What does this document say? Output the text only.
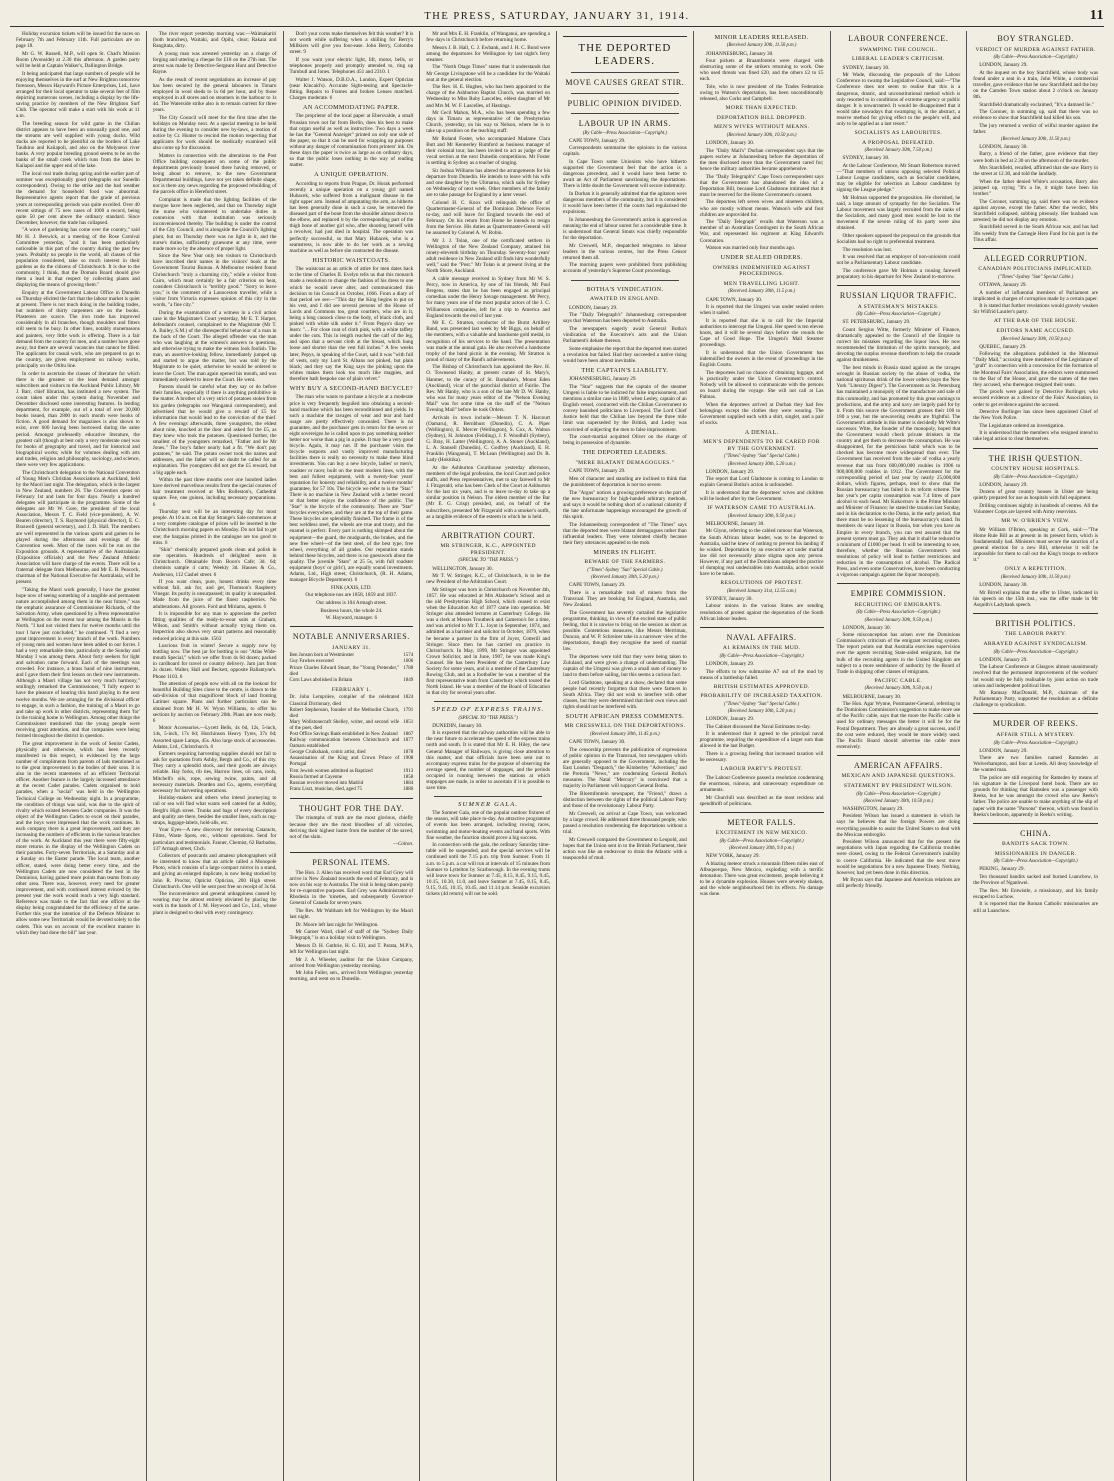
THE PRESS, SATURDAY, JANUARY 31, 1914.	11

Holiday excursion tickets will be issued for the races on February 7th and February 11th. Full particulars are on page 18.

Mr G. W. Russell, M.P., will open St. Chad's Mission Room (Avonside) at 2.30 this afternoon. A garden party will be held at Captain Walker's, Dallington Bridge.

It being anticipated that large numbers of people will be enjoying themselves in the surf at New Brighton tomorrow forenoon, Messrs Hayward's Picture Enterprises, Ltd., have arranged for their local operator to take several feet of film depicting numerous scenes, including a display by the life-saving practice by members of the New Brighton Surf Club. The operator will make a start with his work at 11 a.m.

The breeding season for wild game in the Chilian district appears to have been an unusually good one, and the streams are well supplied with young ducks. Wild ducks are reported to be plentiful on the borders of Lake Tauikino and Kaiiapoli, and also on the Molyneux river banks. A very popular breeding ground seems to be on the banks of the small creek which runs from the lakes to Kaiiapoi and the upper end of the lake.

The local real trade during spring and the earlier part of summer was exceptionally good (telegraphs our Sunedin correspondent). Owing to the strike and the bad weather the demand for household food was abnormal. Representative agents report that the grade of previous years at corresponding periods was quite excelled. Over 40 recent sittings of 75 new cases of 1000 a record, being quite 50 per cent above the ordinary standard. Since December, however, the trade has collapsed.

"A wave of gardening has come over the country," said Mr H. J. Beswick, at a meeting of the Rose Carnival Committee yesterday, "and it has been particularly noticeable in this part of the country during the past few years. Probably no people in the world, all classes of the population considered, take so much interest in their gardens as do the citizens of Christchurch. It is due to the community, I think, that the Domain Board should give them a lead in that respect by collecting plants and displaying the means of growing them."

Enquiry at the Government Labour Office in Dunedin on Thursday elicited the fact that the labour market is quiet at present. There is not much doing in the building trades, but numbers of thirty carpenters are on the books. Plasterers are scarce. The iron trade has improved considerably in all branches, though moulders and fitters still seem to be busy. In other lines, notably stonemasons and painters, very little work is offering. There is a fair demand from the country for men, and a number have gone away, but there are several vacancies that cannot be filled. The applicants for casual work, who are prepared to go to the country, are given employment on railway works, principally on the Otiltu line.

In order to ascertain the classes of literature for which there is the greatest or the least demand amongst subscribers and visitors to the Auckland Public Library, Mr J. Barr, chief librarian, has instituted a new system. The count taken under this system during November and December disclosed some interesting features. In lending department, for example, out of a total of over 20,000 books issued, than 2800 in each month were books of fiction. A good demand for magazines is also shown to exist, over 600 having been borrowed during the same period. Amongst professedly educative literature, the greatest call (though at best only a very moderate one) was for books of geography and travel, and for historical and biographical works; while for volumes dealing with arts and trades, religion and philosophy, sociology, and science, there were very few applications.

The Christchurch delegation to the National Convention of Young Men's Christian Associations at Auckland, held by the Maori last night. The delegation, which is the largest in New Zealand, numbers 26. The Convention opens on February 1st and lasts for four days. Nearly a hundred delegates will participate in the programme. Some of the delegates are Mr W. Gore, the president of the local Association, Messrs T. C. Field (vice-president), A. W. Bearen (director), T. S. Raymond (physical director), E. C. Braswell (general secretary), and J. D. Hall. The members are well represented in the various sports and games to be played during the afternoons and evenings of the Convention week. Most of the races will be run on the Exposition grounds. A representative of the Australasian (Exposition officials) and the New Zealand Athletic Association will have charge of the events. There will be a fraternal delegate from Melbourne, and Mr E. B. Peacock, chairman of the National Executive for Australasia, will be present.

"Taking the Maori work generally, I have the greatest hope now of seeing something of a tangible and permanent nature accomplished among them in the near future," was the emphatic assurance of Commissioner Richards, of the Salvation Army, when questioned by a Press representative at Wellington on the recent tour among the Maoris in the North. "I had not visited them for twelve months until the tour I have just concluded," he continued. "I find a very great improvement in every branch of the work. Numbers of young men and women have been added to our forces. I had a very remarkable time, particularly at the Sunday and Monday I was among them. About forty seekers for light and salvation came forward. Each of the meetings was crowded. For instance, a brass band of nine instruments, and I gave them their first lesson on their new instruments. Although a Maori village has not very much harmony," smilingly remarked the Commissioner, "I fully expect to have the pleasure of hearing this band playing in the next twelve months. We are arranging for the divisional officer to engage, in such a fashion, the training of a Maori to go and take up work in other districts, representing them 'for' in the training home in Wellington. Among other things the Commissioner mentioned that the young people were receiving great attention, and that companies were being formed throughout the district in question.

The great improvement in the work of Senior Cadets, physically and otherwise, which has been recently manifested in this respect, is evidenced by the large number of compliments from parents of lads mentioned as to the great improvement in the bodies of their sons. It is also in the recent statements of an efficient Territorial officer. Another feature is the largely increased attendance at the recent Cadet parades. Cadets organised to hold parades, when a "social" was held in the Wellington Technical College on Wednesday night. In a programme, the condition of things was said, was due to the spirit of rivalry which existed between Cadet companies. It was the object of the Wellington Cadets to excel on their parades, and the boys were impressed that the work continues. In each company there is a great improvement, and they are increasing the numbers of efficients in the various branches of the work. At Auckland this year there were fifty-eight more returns in the display of the Wellington Cadets on their parades. Forty-seven Territorials, at a Saturday and at a Sunday on the Easter parade. The local team, another officer, stated, were doing better every time, and the Wellington Cadets are now considered the best in the Dominion, having gained more points than teams from any other area. There was, however, every need for greater improvement, and with continued interest evinced by the present year the work would reach a very high standard. Reference was made to the fact that one officer at the display being congratulated for the efficiency of the same. Further this year the intention of the Defence Minister to allow some new Territorials would be devoted solely to the cadets. This was on account of the excellent manner in which they had done the bill" last year.

The river report yesterday morning was:—Waimakariri (both branches), Waitaki, and Opihi, clear; Rakaia and Rangitata, dirty.

A young man was arrested yesterday on a charge of forging and uttering a cheque for £18 on the 27th inst. The arrest was made by Detective-Sergeant Hunt and Detective Rayne.

As the result of recent negotiations an increase of pay has been secured by the general labourers in Timaru employed in wool sheds to 1s 6d per hour, and by those employed in all stores and on steamers in the harbour to 1s 4d. The Waterside strike also is to remain current for three years.

The City Council will meet for the first time after the holidays on Monday next. At a special meeting to be held during the evening to consider new by-laws, a motion of notice by Cr. Hunter to rescind the motion respecting that applicants for work should be medically examined will also come up for discussion.

Matters in connection with the alterations to the Post Office building consequent on some of the public departments previously housed there having removed, or being about to remove, to the new Government Departmental buildings, have not yet taken definite shape, nor is there any news regarding the proposed rebuilding of the parcels office in Hereford street.

Complaint is made that the lighting facilities of the morgue have been neglected, and that on Thursday night the nurse who volunteered to undertake duties in connexion with that institution was seriously inconvenienced thereby. The building is under the control of the City Council, and is alongside the Council's lighting plant, but on Thursday there was no light in it, and the nurse's duties, sufficiently gruesome at any time, were made more so by the absence of proper light.

Since the New Year only ten visitors to Christchurch have inscribed their names in the visitors' book at the Government Tourist Bureau. A Melbourne resident found Christchurch "truly a charming city," while a visitor from Cairo, which must certainly be a fair criterion on heat, considers Christchurch is "terribly good." "Sorry to leave you," is the comment of a Launceston traveller, while a visitor from Victoria expresses opinion of this city in the words, "a fine city."

During the examination of a witness in a civil action case in the Magistrate's Court yesterday, Mr E. T. Harper, defendant's counsel, complained to the Magistrate (Mr T. A. Bailey, S.M.) of the disrespectful behaviour of a man in the back of the Court. The alleged offender was the man who was laughing at the witness's answers to questions, and otherwise trying to make the witness look foolish. The man, an assertive-looking fellow, immediately jumped up and started to argue the matter, but was told by the Magistrate to be quiet, otherwise he would be ordered to leave the Court. The man again opened his mouth, and was immediately ordered to leave the Court. He went.

Parents should be careful what they say or do before their families, especially if there is anything prohibitive in the matter. A brother of a very strict of potatoes stolen from his garden (telegraphs our Wanganui correspondent), and advertised that he would give a reward of £5 for information that would lead to the conviction of the thief. A few evenings afterwards, three youngsters, the eldest about nine, knocked at the door and asked for the £5, as they knew who took the potatoes. Questioned further, the smallest of the youngsters remarked, "Father and he Mr Jones." The boy's father nearly had a fit. "We don't pay potatoes," he said. The potato owner took the names and addresses, and the father will no doubt be called for an explanation. The youngsters did not get the £5 reward, but a big apple each.

Within the past three months over one hundred ladies have derived marvellous results from the special courses of hair treatment received at Mrs Rolleston's, Cathedral square. Fee, one guinea, including necessary preparations. 6

Thursday next will be an interesting day for most people. At 10 a.m. on that day Strange's Sale commences at a very complete catalogue of prices will be inserted in the Christchurch morning papers on Monday. Do not fail to get one; the bargains printed in the catalogue are too good to miss. 6

"Skin" chemically prepared goods clean and polish in one operation. Hundreds of delighted users in Christchurch. Obtainable from Boon's Cafe; 3d. 6d; chemists sample 4 carts; Weekly 3d. Hauses & Co., Anderson, 112 Cashel street. 6

If you want clean, pure, honest drinks every time without fail, ask for, and get, Thomson's Raspberry Vinegar. Its purity is unsurpassed; its quality is unequalled. Made from the juice of the finest raspberries. No adulterations. All grocers. Ford and Miriams, agents. 6

It is impossible for any man to appreciate the perfect fitting qualities of the ready-to-wear suits at Graham, Wilson, and Smith's without actually trying them on. Inspection also shows very smart patterns and reasonably reduced pricing at this sale. 1563

Luscious fruit in winter! Secure a supply now by bottling now. The best jar for bottling is our "Atlas Wide-mouth Special," which we offer from 4s 6d dozen; packed in cardboard for travel or country delivery. Jam jars from 2s dozen. Walter, Hall and Beckett, opposite Ballantyne's. Phone 1103. 6

The attention of people now with all on the lookout for beautiful Building Sites close to the centre, is drawn to the sub-division of that magnificent block of land fronting Latimer square. Plans and further particulars can be obtained from Mr H. W. Wynn Williams, to offer his sections by auction on February 20th. Plans are now ready. 6

Motor Accessories.—Lycett Bells, 4s 6d, 12s, 5-inch, 14s, 5-inch, 17s 6d; Hutchinson Heavy Tyres, 37s 6d; Assorted spare Lamps, 45s. Also large stock of accessories. Adams, Ltd., Christchurch. 6

Farmers requiring harvesting supplies should not fail to ask for quotations from Ashby, Bergh and Co., of this city. They carry a splendid stock, and their goods are always reliable. Hay forks, rib ties, Harrow lines, oil cans, tools, Mitchell's oils, rope, sewing twine, paints, and all necessary materials. Dearden and Co., agents, everything necessary for harvesting operations.

Holiday-makers and others who intend journeying to rail or sea will find what wants well catered for at Ashby, Bergh's High street. Trunks and bags of every description and quality are there, besides the smaller lines, such as rug-straps, luggage-labels, hold-alls, etc.

Your Eyes—A new discovery for removing Cataracts, Films, Waste Spots, etc., without operations. Send for particulars and testimonials. Fanner, Chemist, 62 Barbados, 137 Armagh street, Chch.

Collectors of postcards and amateur photographers will be interested to know that an article called a Monopole Photo, which consists of a large compact mirror in a stand, and giving an enlarged duplicate, is now being stocked by John R. Proctor, Opticist Optician, 200 High street. Christchurch. One will be sent post free on receipt of 3s 6d.

The inconvenience and general unhappiness caused by wearing may be almost entirely obviated by placing the work in the hands of J. M. Heywood and Co., Ltd., whose plant is designed to deal with every contingency.

Don't your corns make themselves felt this weather? It is not worth while suffering when a shilling for Berry's Millkiers will give you foot-ease. John Berry, Colombo street. 9

If you want your electric light, lift, motor, bells, or telephones properly and promptly attended to, ring up Turnbull and Jones. Telephones 451 and 2310. 1

Walter J. Watson, D.B.O.A., London, Expert Optician (near Kincaid's). Accurate Sight-testing and Spectacle-fitting. Repairs to Frames and broken Lenses matched. Charges moderate. 6

AN ACCOMMODATING PAPER.

The proprietor of the local paper at Ebersvalde, a small Prussian town not far from Berlin, does his best to make that organ useful as well as instructive. Two days a week he has the "General Anzeiger" printed on only one side of the paper, so that it can be used for wrapping up purposes without any danger of contamination from printers' ink. On these days the paper is twice as large as on ordinary days, so that the public loses nothing in the way of reading matter.

A UNIQUE OPERATION.

According to reports from Prague, Dr. Horak performed recently a unique operation on a young girl named Hubacek, who suffered from a malignant disease in the right upper arm. Instead of amputating the arm, as hitherto has been generally done in such a case, he removed the diseased part of the bone from the shoulder almost down to the elbow, and replaced it by the corresponding part of the thigh bone of another girl who, after shooting herself with a revolver, had just died in hospital. The operation was perfectly successful, so that Mary Hubacek, who is a seamstress, is now able to do her work as a sewing machine as well as before she contracted the disease.

HISTORIC WAISTCOATS.

The waistcoat as an article of attire for men dates back to the time of Charles II. Evelyn tells us that this monarch made a resolution to change the fashion of his dress to one which he would never alter, and communicated this decision to his Council on October, 1666. From a diary of that period we see:—"This day the King begins to put on his vest, and I did see several persons of the House of Lords and Commons too, great courtiers, who are in it, being a long cassock close to the body, of black cloth, and pinked with white silk under it." From Pepys's diary we learn: "... For close coat of cloth pink, with a white taffety under the cuts. This in length reached the calf of the leg, and upon that a servant cloth at the breast, which hung loose and shorter than the vest full inches." A few weeks later, Pepys, in speaking of the Court, said it was "with full of vests, only my Lord St. Albans not pinked, but plain black; and they say the King says the pinking upon the whites makes them look too much like magpies, and therefore hath bespoke one of plain velvet."

WHY BUY A SECOND-HAND BICYCLE?

The man who wants to purchase a bicycle at a moderate price is very frequently beguiled into obtaining a second-hand machine which has been reconditioned and yields. In such a machine the ravages of wear and tear and hard usage are pretty effectively concealed. There is no guarantee, and the purchaser gets in return for the seven or eight sovereigns he is called upon to pay something neither better nor worse than a pig in a poke. It may be a very good bicycle. Again, it may not. If the purchaser visits the bicycle outports and vastly improved manufacturing facilities there is really no necessity to make these blind investments. You can buy a new bicycle, ladies' or men's, roadster or racer, built on the most modern lines, with the best and fullest equipment, with a twenty-four years' reputation for honesty and reliability, and a twelve months' guarantee, for 57 10s. The bicycle we refer to is the "Star." There is no machine in New Zealand with a better record or that better enjoys the confidence of the public. The "Star" is the bicycle of the community. There are "Star" bicycles everywhere, and they are at the top of their game. These bicycles are splendidly finished. The frame is of the best weldless steel, the wheels are true and trusty, and the enamel is perfect. Every part is nothing skimped about the equipment—the guard, the mudguards, the brakes, and the new free wheel—of the best steel, of the best type; free wheel, everything of all grades. Our reputation stands behind these bicycles, and there is no guesswork about the quality. The juvenile "Stars" at 25 5s, with full roadster equipment (boys' or girls'), are equally sound investments. Adams, Ltd., High street, Christchurch, (R. H. Adams, manager Bicycle Department). 6

FINK (AXIS, LTD.

Our telephone nos are 1858, 1859 and 1837.

Our address is 104 Armagh street.

Business hours, the whole 24.

W. Hayward, manager. 6

NOTABLE ANNIVERSARIES.
JANUARY 31.
Ben Jonson born at Westminster	1574
Guy Fawkes executed	1606
Prince Charles Edward Stuart, the "Young Pretender," died
1788
Corn Laws abolished in Britain	1849
FEBRUARY 1.
Dr. John Lemprière, compiler of the celebrated Classical Dictionary, died
1824
Robert Stephenson, founder of the Methodist Church, died
1791
Mary Wollstonecraft Shelley, writer, and second wife of the poet, died
1851
Post Office Savings Bank established in New Zealand	1867
Railway communication between Christchurch and Oamaru established
1877
George Cruikshank, comic artist, died	1878
Assassination of the King and Crown Prince of Portugal
1908
First Jewish women admitted as Baptized	1913
Russia formed at Cayenne	1858
Russian revolver moved into Madrid	1884
Franz Liszt, musician, died, aged 75	1886
THOUGHT FOR THE DAY.

The triumphs of truth are the most glorious, chiefly because they are the most bloodless of all victories, deriving their highest lustre from the number of the saved, not of the slain.

—Colton.

PERSONAL ITEMS.

The Hon. J. Allen has received word that Earl Grey will arrive in New Zealand towards the end of February, and is now on his way to Australia. The visit is being taken purely for re-cuperative purposes. Earl Grey was Administrator of Rhodesia in the 'nineties, and subsequently Governor-General of Canada for seven years.

The Rev. Mr Waltham left for Wellington by the Maori last night.

Dr. Moore left last night for Wellington.

Mr Garner Ward, chief of staff of the "Sydney Daily Telegraph," is on a holiday visit to Wellington.

Messrs D. H. Guthrie, H. G. Ell, and T. Parata, M.P.'s, left for Wellington last night.

Mr J. A. Wheeler, auditor for the Union Company, arrived from Wellington yesterday morning.

Mr John Fuller, sen., arrived from Wellington yesterday morning, and went on to Dunedin.

Mr and Mrs E. H. Franklin, of Wanganui, are spending a few days in Christchurch before returning home.

Messrs J. B. Hall, C. J. Ewbank, and J. H. C. Bond were among the departures for Wellington by last night's ferry steamer.

The "North Otago Times" states that it understands that Mr George Livingstone will be a candidate for the Waitaki seat at the general election.

The Rev. H. E. Hughes, who has been appointed to the charge of the Ashburton Baptist Church, was married on Wednesday to Miss Ruby Lascelles, eldest daughter of Mr and Mrs M. W. F. Lascelles, of Hastings.

Mr Cecil Mahon, M.A., who has been spending a few days in Timaru as representative of the Presbyterian Church, yesterday, on his way to Nelson, where he is to take up a position on the teaching staff.

Mr Roland Foster, who accompanied Madame Clara Butt and Mr Kennerley Rumford as business manager of their colonial tour, has been invited to act as judge of the vocal section at the next Dunedin competitions. Mr Foster is settling in Sydney as a teacher of singing.

Sir Joshua Williams has altered the arrangements for his departure from Dunedin. He intends to leave with his wife and one daughter by the Ulimaroa, which sails for Sydney on Wednesday of next week. Other members of the family are to take passage for England by a later vessel.

Colonel H. C. Knox will relinquish the office of Quartermaster-General of the Dominion Defence Forces to-day, and will leave for England towards the end of February. On his return from Home he intends to resign from the Service. His duties as Quartermaster-General will be assumed by Colonel A. W. Robin.

Mr J. J. Tolan, one of the certificated settlers in Wellington of the New Zealand Company, attained his ninety-eleventh birthday on Thursday. Seventy-four years' adult residence in New Zealand still finds him wonderfully well," said the "Post." Mr Tolan is at present living at the North Shore, Auckland.

A cable message received in Sydney from Mr W. S. Percy, now in America, by one of his friends, Mr Paul Bregens, states that he has been engaged as principal comedian under the Henry Savage management. Mr Percy, for many years one of the most popular actors of the J. C. Williamson companies, left for a trip to America and England towards the end of last year.

Mr E. C. Stratton, conductor of the Burnt Artillery Band, was presented last week by Mr Biggs, on behalf of the members, with a valuable and handsome gold medal, in recognition of his services to the band. The presentation was made at the annual gala. He also received a handsome trophy of the band picnic in the evening. Mr Stratton is proud of many of the Band's achievements.

The Bishop of Christchurch has appointed the Rev. H. O. Townsend Hanby, at present curate of St. Mary's, Hanmer, to the curacy of St. Barnabas's, Mount Eden (Auckland), vicar of the parochial district of Fairlie. The Rev. Mr Hanby, who is a son of the late Mr D. W. Hanby, who was for many years editor of the "Nelson Evening Mail" was for some time on the staff of the "Nelson Evening Mail" before he took Orders.

Arrivals in town include:—Messrs T. N. Harcourt (Oamaru), R. Bernbhust (Dunedin), C. A. Piper (Wellington), E. Mercer (Wellington), S. Cox, A. Walton (Sydney), H. Johnston (Feilding), J. F. Woodhill (Sydney), G. Bray, H. Latter (Wellington), A. A. Stoner (Auckland), L. A. Stansell (Dunedin), C. Godfrey (Auckland), E. H. Franklin (Wanganui), T. McLean (Wellington) and Dr. R. Lady (Hokitika).

At the Ashburton Courthouse yesterday afternoon, members of the legal profession, the local Court and police staffs, and Press representatives, met to say farewell to Mr J. Fitzgerald, who has been Clerk of the Court at Ashburton for the last six years, and is to leave to-day to take up a similar position in Nelson. The oldest member of the Bar (Mr E. G. Crisp) presided, and, on behalf of the subscribers, presented Mr Fitzgerald with a smoker's outfit, as a tangible evidence of the esteem in which he is held.

ARBITRATION COURT.
MR STRINGER, K.C., APPOINTED PRESIDENT.
(SPECIAL TO "THE PRESS.")

WELLINGTON, January 30.

Mr T. W. Stringer, K.C., of Christchurch, is to be the new President of the Arbitration Court.

Mr Stringer was born in Christchurch on November 4th, 1857. He was educated at Mrs Alabaster's School and at the old Presbyterian High School, which ceased to exist when the Education Act of 1877 came into operation. Mr Stringer also attended lectures at Canterbury College. He was a clerk at Messrs Troutbeck and Cameron's for a time, and was articled to Mr T. L. Joynt in September, 1874, and admitted as a barrister and solicitor in October, 1879, when he became a partner in the firm of Joynt, Cotterill and Stringer. Since then he has carried on practice in Christchurch. In May, 1899, Mr Stringer was appointed Crown Solicitor, and in June, 1907, he was made King's Counsel. He has been President of the Canterbury Law Society for some years, and is a member of the Canterbury Rowing Club, and as a footballer he was a member of the first representative team from Canterbury which toured the North Island. He was a member of the Board of Education in that city for several years after.

SPEED OF EXPRESS TRAINS.
(SPECIAL TO "THE PRESS.")

DUNEDIN, January 30.

It is expected that the railway authorities will be able in the near future to accelerate the speed of the express trains north and south. It is stated that Mr E. H. Hiley, the new General Manager of Railways, is giving close attention to this matter, and that officials have been sent out to accompany express trains for the purpose of observing the average speed, the number of stoppages, and the periods occupied in running between the stations at which stoppages are made, in order to ascertain if it is possible to save time.

SUMNER GALA.

The Sumner Gala, one of the popular outdoor fixtures of the season, will take place to-day. An attractive programme of events has been arranged, including rowing races, swimming and motor-boating events and band sports. With fine weather, the function should prove a big success.

In connection with the gala, the ordinary Saturday time-table will be suspended, and the special services will be continued until the 7.15 p.m. trip from Sumner. From 11 a.m. to 5 p.m. a car will run at intervals of 15 minutes from Sumner to Lyttelton by Scarborough. In the evening trams will leave town for Sumner at 7.45, 8.15, 8.45, 9.15, 9.45, 10.15, 10.30, 11.0, and leave Sumner at 7.45, 8.15, 8.45, 9.15, 9.45, 10.15, 10.45, and 11.14 p.m. Seaside excursion tickets (4d return) will not be sold.

THE DEPORTED LEADERS.
MOVE CAUSES GREAT STIR.
PUBLIC OPINION DIVIDED.
LABOUR UP IN ARMS.
(By Cable—Press Association—Copyright.)

CAPE TOWN, January 29.

Correspondents summarise the opinions in the various capitals.

In Cape Town some Unionists who have hitherto supported the Government feel that the action is a dangerous precedent, and it would have been better to await an Act of Parliament sanctioning the deportations. There is little doubt the Government will secure indemnity.

In Durban it is generally admitted that the agitators were dangerous members of the community, but it is considered it would have been better if the courts had regularised the expulsions.

In Johannesburg the Government's action is approved as meaning the end of labour unrest for a considerable time. It is understood that General Smuts was chiefly responsible for the deportation.

Mr Creswell, M.P., despatched telegrams to labour leaders in the various centres, but the Press Censor returned them all.

The morning papers were prohibited from publishing accounts of yesterday's Supreme Court proceedings.

BOTHA'S VINDICATION.
AWAITED IN ENGLAND.

LONDON, January 29.

The "Daily Telegraph's" Johannesburg correspondent says that Waterson has been deported to Australia.

The newspapers eagerly await General Botha's vindication of the Executive's acts and the Union Parliament's debate thereon.

Some emphasise the report that the deported men started a revolution but failed. Had they succeeded a native rising would have been almost inevitable.

THE CAPTAIN'S LIABILITY.

JOHANNESBURG, January 29.

The "Star" suggests that the captain of the steamer Umgeni is liable to be indicted for false imprisonment, and mentions a similar case in 1889, when Lesley, captain of an English vessel, contracted with the Chilian Government to convey banished politicians to Liverpool. The Lord Chief Justice held that the Chilian law beyond the three mile limit was superseded by the British, and Lesley was convicted of subjecting the men to false imprisonment.

The court-martial acquitted Oliver on the charge of being in possession of dynamite.

THE DEPORTED LEADERS.
"MERE BLATANT DEMAGOGUES."

CAPE TOWN, January 29.

Men of character and standing are inclined to think that the punishment of deportation is not too severe.

The "Argus" notices a growing preference on the part of the new bureaucracy for high-handed arbitrary methods, and says it would be nothing short of a national calamity if the late unfortunate happenings encouraged the growth of this spirit.

The Johannesburg correspondent of "The Times" says that the deported men were blatant demagogues rather than influential leaders. They were tolerated chiefly because their fiery utterances appealed to the mob.

MINERS IN FLIGHT.
BEWARE OF THE FARMERS.
("Times"-Sydney "Sun" Special Cable.)
(Received January 30th, 5.20 p.m.)

CAPE TOWN, January 29.

There is a remarkable rush of miners from the Transvaal. They are booking for England, Australia, and New Zealand.

The Government has severely curtailed the legislative programme, thinking, in view of the excited state of public feeling, that it is unwise to bring on the session as short as possible. Contentious measures, like Messrs Merriman, Duncan, and W. P. Schreiner take in a narrower view of the deportations, though they recognise the need of martial law.

The deportees were told that they were being taken to Zululand, and were given a change of understanding. The captain of the Umgeni was given a small sum of money to land to them before sailing, but this seems a curious fact.

Lord Gladstone, speaking at a show, declared that some people had recently forgotten that there were farmers in South Africa. They did not wish to interfere with other classes, but they were determined that their own views and rights should not be interfered with.

SOUTH AFRICAN PRESS COMMENTS.
MR CRESSWELL ON THE DEPORTATIONS.
(Received January 30th, 11.45 p.m.)

CAPE TOWN, January 30.

The censorship prevents the publication of expressions of public opinion in the Transvaal, but newspapers which are generally opposed to the Government, including the East London "Despatch," the Kimberley "Advertiser," and the Pretoria "News," are condemning General Botha's measures. The Natal "Mercury" is convinced that a majority in Parliament will support General Botha.

The Bloemfontein newspaper, the "Friend," draws a distinction between the rights of the political Labour Party and those of the revolutionary Labour Party.

Mr Creswell, on arrival at Cape Town, was welcomed by a large crowd. He addressed three thousand people, who passed a resolution condemning the deportations without a trial.

Mr Creswell compared the Government to Leopold, and hopes that the Union sent in to the British Parliament, their action was like an endeavour to drain the Atlantic with a teaspoonful of mud.

MINOR LEADERS RELEASED.
(Received January 30th, 11.50 p.m.)

JOHANNESBURG, January 30.

Four pickets at Braamfontein were charged with obstructing some of the strikers returning to work. One who used threats was fined £20, and the others £2 to £5 each.

Tole, who is now president of the Trades Federation owing to Watson's deportation, has been unconditionally released, also Corks and Campbell.

MORE THAN EXPECTED.
DEPORTATION BILL DROPPED.
MEN'S WIVES WITHOUT MEANS.
(Received January 30th, 10.50 p.m.)

LONDON, January 30.

The "Daily Mail's" Durban correspondent says that the papers eschew at Johannesburg before the deportation of the men disclosed more than the Government cared for; hence the military authorities became apprehensive.

The "Daily Telegraph's" Cape Town correspondent says that the Government has abandoned the idea of a Deportation Bill, because Lord Gladstone intimated that it must be reserved for the Home Government's consent.

The deportees left seven wives and nineteen children, who are mostly without means. Watson's wife and four children are unprovided for.

The "Daily Telegraph" recalls that Waterson was a member of an Australian Contingent in the South African War, and represented his regiment at King Edward's Coronation.

Watson was married only four months ago.

UNDER SEALED ORDERS.
OWNERS INDEMNIFIED AGAINST PROCEEDINGS.
MEN TRAVELLING LIGHT.
(Received January 30th, 11.5 p.m.)

CAPE TOWN, January 30.

It is reported that the Umgeni was under sealed orders when it sailed.

It is reported that she is to call for the Imperial authorities to intercept the Umgeni. Her speed is ten eleven knots, and it will be several days before she rounds the Cape of Good Hope. The Umgeni's Mail Steamer proceedings.

It is understood that the Union Government has indemnified the owners in the event of proceedings in the English Courts.

The deportees had no chance of obtaining luggage, and is practically under the Union Government's control. Nobody will be allowed to communicate with the persons on board during the voyage. She will not call at Las Palmas.

When the deportees arrived at Durban they had few belongings except the clothes they were wearing. The Government supplied each with a shirt, singlet, and a pair of socks.

A DENIAL.
MEN'S DEPENDENTS TO BE CARED FOR BY THE GOVERNMENT.
("Times"-Sydney "Sun" Special Cable.)
(Received January 30th, 5.20 a.m.)

LONDON, January 29.

The report that Lord Gladstone is coming to London to explain General Botha's action is unfounded.

It is understood that the deportees' wives and children will be looked after by the Government.

IF WATERSON CAME TO AUSTRALIA.
(Received January 30th, 9.50 p.m.)

MELBOURNE, January 30.

Mr Glynn, referring to the cabled rumour that Waterson, the South African labour leader, was to be deported to Australia, said he knew of nothing to prevent his landing if he wished. Deportation by an executive act under martial law did not necessarily place stigma upon any person. However, if any part of the Dominions adopted the practice of dumping real undesirables into Australia, action would have to be taken.

RESOLUTIONS OF PROTEST.
(Received January 31st, 12.55 a.m.)

SYDNEY, January 30.

Labour unions in the various States are sending resolutions of protest against the deportation of the South African labour leaders.

NAVAL AFFAIRS.
A1 REMAINS IN THE MUD.
(By Cable—Press Association—Copyright.)

LONDON, January 29.

The efforts to tow submarine A7 out of the mud by means of a battleship failed.

BRITISH ESTIMATES APPROVED.
PROBABILITY OF INCREASED TAXATION.
("Times"-Sydney "Sun" Special Cable.)
(Received January 30th, 5.20 p.m.)

LONDON, January 29.

The Cabinet discussed the Naval Estimates to-day.

It is understood that it agreed to the principal naval programme, requiring the expenditure of a larger sum than allowed in the last Budget.

There is a growing feeling that increased taxation will be necessary.

LABOUR PARTY'S PROTEST.

The Labour Conference passed a resolution condemning the enormous, ruinous, and unnecessary expenditure on armaments.

Mr Churchill was described as the most reckless and spendthrift of politicians.

METEOR FALLS.
EXCITEMENT IN NEW MEXICO.
(By Cable—Press Association—Copyright.)
(Received January 30th, 9.0 p.m.)

NEW YORK, January 29.

A blazing meteor struck a mountain fifteen miles east of Albuquerque, New Mexico, exploding with a terrific detonation. There was great excitement, people believing it to be a dynamite explosion. Houses were severely shaken, and the whole neighbourhood felt its effects. No damage was done.

LABOUR CONFERENCE.
SWAMPING THE COUNCIL.
LIBERAL LEADER'S CRITICISM.

SYDNEY, January 30.

Mr Wade, discussing the proposals of the Labour Conference to swamp the Legislative Council, said:—"The Conference does not seem to realise that this is a dangerous, drastic, and unconstitutional method which is only resorted to in conditions of extreme urgency or public danger. It is unwarranted. It would be disappointed that it would take nowadays that swamping is, in the abstract, a reserve method for giving effect to the people's will, and only to be applied as a last resort."

SOCIALISTS AS LABOURITES.
A PROPOSAL DEFEATED.
(Received January 30th, 7.50 p.m.)

SYDNEY, January 30.

At the Labour Conference, Mr Stuart Robertson moved:—"That members of unions opposing selected Political Labour League candidates, such as Socialist candidates, may be eligible for selection as Labour candidates by signing the League pledge."

Mr Holman supported the proposition. He cherished, he said, a large amount of sympathy for the Socialists. The Labour movement was largely recruited from the ranks of the Socialists, and many good men would be lost to the movement if the severe ruling of its party were also obtained.

Other speakers opposed the proposal on the grounds that Socialists had no right to preferential treatment.

The resolution was lost.

It was resolved that an employer of non-unionists could not be a Parliamentary Labour candidate.

The conference gave Mr Holman a rousing farewell preparatory to his departure for New Zealand to-morrow.

RUSSIAN LIQUOR TRAFFIC.
A STATESMAN'S MISTAKES.
(By Cable—Press Association—Copyright.)

ST. PETERSBURG, January 29.

Count Sergius Witte, formerly Minister of Finance, dramatically appealed to the Council of the Empire to correct his mistakes regarding the liquor laws. He now recommended the limitation of the spirits monopoly, and devoting the surplus revenue therefrom to help the crusade against drunkenness.

The best minds in Russia stand against as the ravages wrought in Russian society by the abuse of vodka, the national spirituous drink of the lower orders (says the New York "Literary Digest"). The Government as St. Petersburg has maintained a monopoly of the manufacture and sale of this commodity, and has promoted by this great earnings to productions, and the army and navy are largely paid for by it. From this source the Government grosses their 100 to 180 a year, but the unwavering results are frightful. The Government's attitude in this matter is decidedly Mr Witte's successor. Witte, the founder of the monopoly, hoped that the Government would check private drinkers in the country and get them to decrease the consumption. He was disappointed, for the pernicious habit which was to be checked has become more widespread than ever. The Government has received from the sale of vodka a yearly revenue that ran from 600,000,000 roubles in 1906 to 900,000,000 roubles in 1912. The Government for the corresponding period of last year by nearly 25,000,000 dollars, which figures, perhaps, tend to show that the Russian bureaucracy has failed in its reform scheme. The last year's per capita consumption was 7.4 litres of pure alcohol to each head. Mr Kokovtsov is the Prime Minister and Minister of Finance; he stated the taxation last Sunday, and in his declaration to the Duma, in the early period, that there must be no lessening of the bureaucracy's stand. Its members do want liquor in Russia, but when you have an Empire in every branch, you can rest assured that the present system must go. They ask that it shall be reduced to a minimum of £1000 per head. It will be interesting to see, therefore, whether the Russian Government's real resolutions of policy will lead to further restrictions and reduction in the consumption of alcohol. The Radical Press, and even some Conservatives, have been conducting a vigorous campaign against the liquor monopoly.

EMPIRE COMMISSION.
RECRUITING OF EMIGRANTS.
(By Cable—Press Association—Copyright.)
(Received January 30th, 9.50 p.m.)

LONDON, January 30.

Some misconception has arisen over the Dominions Commission's criticism of the emigrant recruiting system. The report points out that Australia exercises supervision over the agents recruiting State-aided emigrants, but the bulk of the recruiting agents in the United Kingdom are subject to a more semblance of authority by the Board of Trade in shipping other classes of emigrants.

PACIFIC CABLE.
(Received January 30th, 9.50 p.m.)

MELBOURNE, January 30.

The Hon. Agar Wynne, Postmaster-General, referring to the Dominions Commission's suggestion to make more use of the Pacific cable, says that the more the Pacific cable is used for ordinary messages the better it will be for the Postal Department. They are already a great success, and if the cost were reduced, they would be more widely used. The Pacific Board should advertise the cable more extensively.

AMERICAN AFFAIRS.
MEXICAN AND JAPANESE QUESTIONS.
STATEMENT BY PRESIDENT WILSON.
(By Cable—Press Association—Copyright.)
(Received January 30th, 10.50 p.m.)

WASHINGTON, January 29.

President Wilson has issued a statement in which he says he believes that the foreign Powers are doing everything possible to assist the United States to deal with the Mexican embroglio.

President Wilson announced that for the present the negotiations with Japan regarding the California troubles were closed, owing to the Federal Government's inability to coerce California. He indicated that the next move would be negotiations for a new Japanese Treaty. Nothing, however, had yet been done in this direction.

Mr Bryan says that Japanese and American relations are still perfectly friendly.

BOY STRANGLED.
VERDICT OF MURDER AGAINST FATHER.
(By Cable—Press Association—Copyright.)

LONDON, January 29.

At the inquest on the boy Starchfield, whose body was found under a seat in a train, John White, a commercial traveller, gave evidence that he saw Starchfield and the boy on the Camden Town station about 2 o'clock on January 8th.

Starchfield dramatically exclaimed, "It's a damned lie."

The Coroner, in summing up, said that there was no evidence to show that Starchfield had killed his son.

The jury returned a verdict of wilful murder against the father.

(Received January 30th, 11.50 p.m.)

LONDON, January 30.

Barry, a friend of the father, gave evidence that they were both in bed at 2.30 on the afternoon of the murder.

Mrs Starchfield, recalled, affirmed that she saw Barry in the street at 12.30, and told the landlady.

When the father denied White's accusation, Barry also jumped up, crying "It's a lie, it might have been his brother."

The Coroner, summing up, said there was no evidence against anyone, except the father. After the verdict, Mrs Starchfield collapsed, sobbing piteously. Her husband was arrested; he did not display any emotion.

Starchfield served in the South African war, and has had 30s weekly from the Carnegie Hero Fund for his part in the Titus affair.

ALLEGED CORRUPTION.
CANADIAN POLITICIANS IMPLICATED.
("Times"-Sydney "Sun" Special Cable.)

OTTAWA, January 29.

A number of influential members of Parliament are implicated in charges of corruption made by a certain paper.

It is stated that further revelations would gravely weaken Sir Wilfrid Laurier's party.

AT THE BAR OF THE HOUSE.
EDITORS NAME ACCUSED.
(Received January 30th, 10.50 p.m.)

QUEBEC, January 29.

Following the allegations published in the Montreal "Daily Mail," accusing three members of the Legislature of "graft" in connection with a concession for the formation of the Montreal Fairs' Association, the editors were summoned to the Bar of the House, and gave the names of the men they accused, who thereupon resigned their seats.

The proofs were gained by Detective Burlinger, who secured evidence as a director of the Fairs' Association, in order to get evidence against the accused.

Detective Burlinger has since been appointed Chief of the New York Police.

The Legislature ordered an investigation.

It is understood that the members who resigned intend to take legal action to clear themselves.

THE IRISH QUESTION.
COUNTRY HOUSE HOSPITALS.
(By Cable—Press Association—Copyright.)

LONDON, January 29.

Dozens of great country houses in Ulster are being quietly prepared for use as hospitals with full equipment.

Drilling continues nightly in hundreds of centres. All the Volunteer Corps are layered with Army reservists.

MR W. O'BRIEN'S VIEW.

Mr William O'Brien, speaking at Cork, said:—"The Home Rule Bill as at present in its present form, which is fundamentally bad. Ministers must secure the sanction of a general election for a new Bill, otherwise it will be impossible for them to call out the King's troops to enforce it."

ONLY A REPETITION.
(Received January 30th, 11.50 p.m.)

LONDON, January 30.

Mr Birrell explains that the offer to Ulster, indicated in his speech on the 15th inst., was the offer made in Mr Asquith's Ladybank speech.

BRITISH POLITICS.
THE LABOUR PARTY.
ARRAYED AGAINST SYNDICALISM.
(By Cable—Press Association—Copyright.)

LONDON, January 29.

The Labour Conference at Glasgow almost unanimously resolved that the permanent improvements of the workers' lot would only be fully realisable by joint action on trade union and independent political lines.

Mr Ramsay MacDonald, M.P., chairman of the Parliamentary Party, supported the resolution as a definite challenge to syndicalism.

MURDER OF REEKS.
AFFAIR STILL A MYSTERY.
(By Cable—Press Association—Copyright.)

LONDON, January 29.

There are two families named Ramsden at Wolverhampton, and four at Leeds. All deny knowledge of the wanted man.

The police are still enquiring for Ramsden by means of his signature in the Liverpool hotel book. There are no grounds for thinking that Ramsden was a passenger with Reeks, but he was amongst the crowd who saw Reeks's father. The police are unable to make anything of the slip of paper with the name "Parsons" thereon, which was found in Reeks's bedroom, apparently in Reeks's writing.

CHINA.
BANDITS SACK TOWN.
MISSIONARIES IN DANGER.
(By Cable—Press Association—Copyright.)

PEKING, January 29.

Ten thousand bandits sacked and burned Luanchow, in the Province of Nganhwei.

The Rev. Mr Entwistle, a missionary, and his family escaped to Luchow.

It is reported that the Roman Catholic missionaries are still at Luanchow.
